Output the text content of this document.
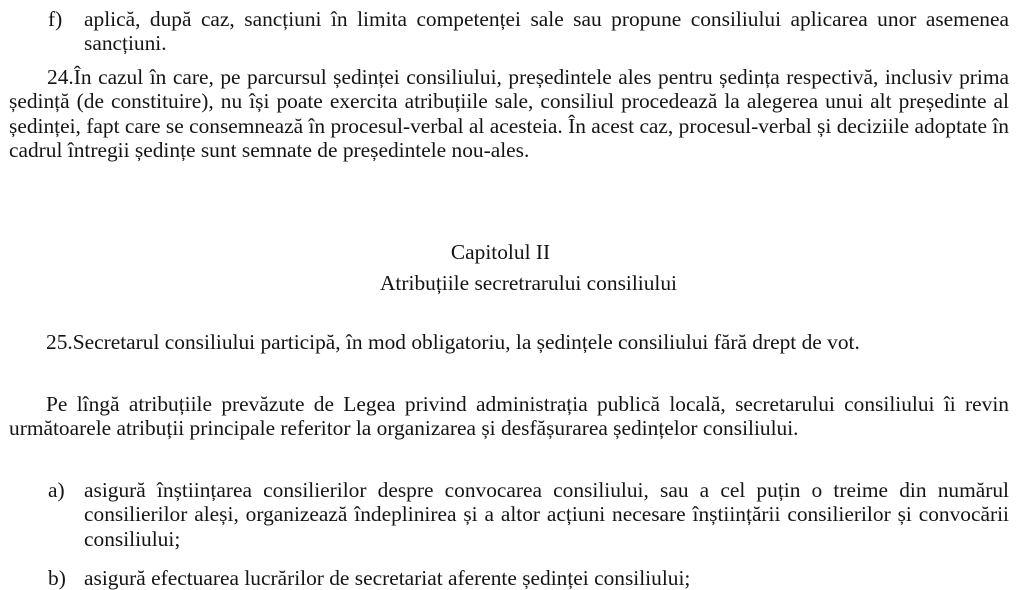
f) aplică, după caz, sancțiuni în limita competenței sale sau propune consiliului aplicarea unor asemenea sancțiuni.

24.În cazul în care, pe parcursul ședinței consiliului, președintele ales pentru ședința respectivă, inclusiv prima ședință (de constituire), nu își poate exercita atribuțiile sale, consiliul procedează la alegerea unui alt președinte al ședinței, fapt care se consemnează în procesul-verbal al acesteia. În acest caz, procesul-verbal și deciziile adoptate în cadrul întregii ședințe sunt semnate de președintele nou-ales.

Capitolul II

Atribuțiile secretrarului consiliului

25.Secretarul consiliului participă, în mod obligatoriu, la ședințele consiliului fără drept de vot.

Pe lîngă atribuțiile prevăzute de Legea privind administrația publică locală, secretarului consiliului îi revin următoarele atribuții principale referitor la organizarea și desfășurarea ședințelor consiliului.

a) asigură înștiințarea consilierilor despre convocarea consiliului, sau a cel puțin o treime din numărul consilierilor aleși, organizează îndeplinirea și a altor acțiuni necesare înștiințării consilierilor și convocării consiliului;
b) asigură efectuarea lucrărilor de secretariat aferente ședinței consiliului;
